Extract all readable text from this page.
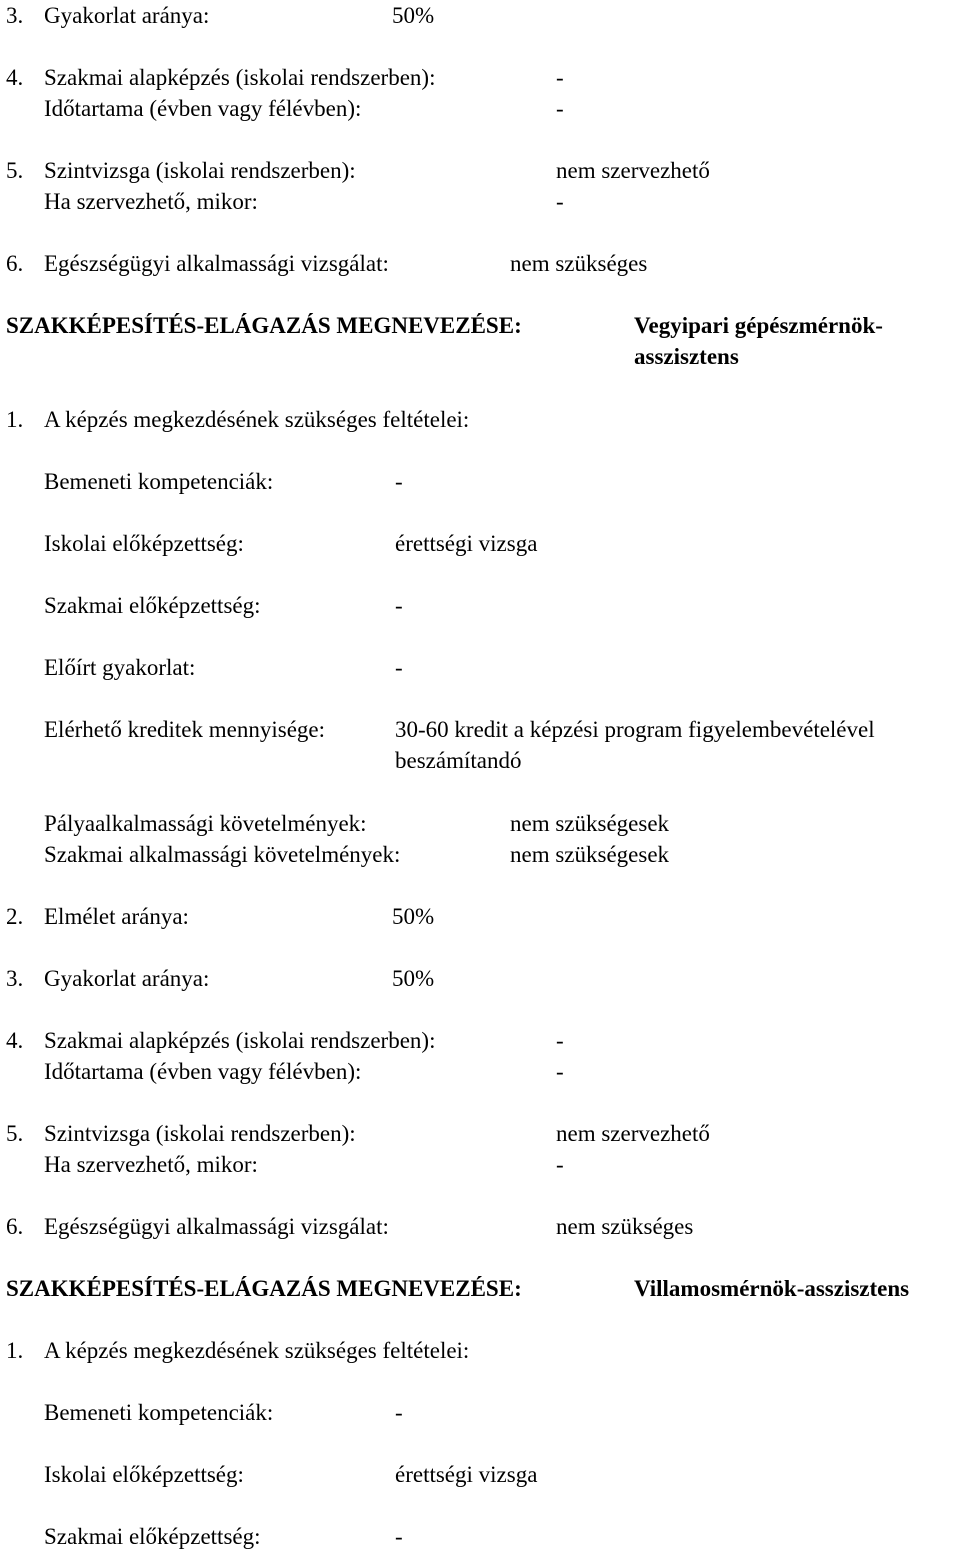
3. Gyakorlat aránya:	50%
4. Szakmai alapképzés (iskolai rendszerben):	-
Időtartama (évben vagy félévben):	-
5. Szintvizsga (iskolai rendszerben):	nem szervezhető
Ha szervezhető, mikor:	-
6. Egészségügyi alkalmassági vizsgálat:	nem szükséges
SZAKKÉPESÍTÉS-ELÁGAZÁS MEGNEVEZÉSE:	Vegyipari gépészmérnök-
asszisztens
1. A képzés megkezdésének szükséges feltételei:
Bemeneti kompetenciák:	-
Iskolai előképzettség:	érettségi vizsga
Szakmai előképzettség:	-
Előírt gyakorlat:	-
Elérhető kreditek mennyisége:	30-60 kredit a képzési program figyelembevételével
beszámítandó
Pályaalkalmassági követelmények:	nem szükségesek
Szakmai alkalmassági követelmények:	nem szükségesek
2. Elmélet aránya:	50%
3. Gyakorlat aránya:	50%
4. Szakmai alapképzés (iskolai rendszerben):	-
Időtartama (évben vagy félévben):	-
5. Szintvizsga (iskolai rendszerben):	nem szervezhető
Ha szervezhető, mikor:	-
6. Egészségügyi alkalmassági vizsgálat:	nem szükséges
SZAKKÉPESÍTÉS-ELÁGAZÁS MEGNEVEZÉSE:	Villamosmérnök-asszisztens
1. A képzés megkezdésének szükséges feltételei:
Bemeneti kompetenciák:	-
Iskolai előképzettség:	érettségi vizsga
Szakmai előképzettség:	-
